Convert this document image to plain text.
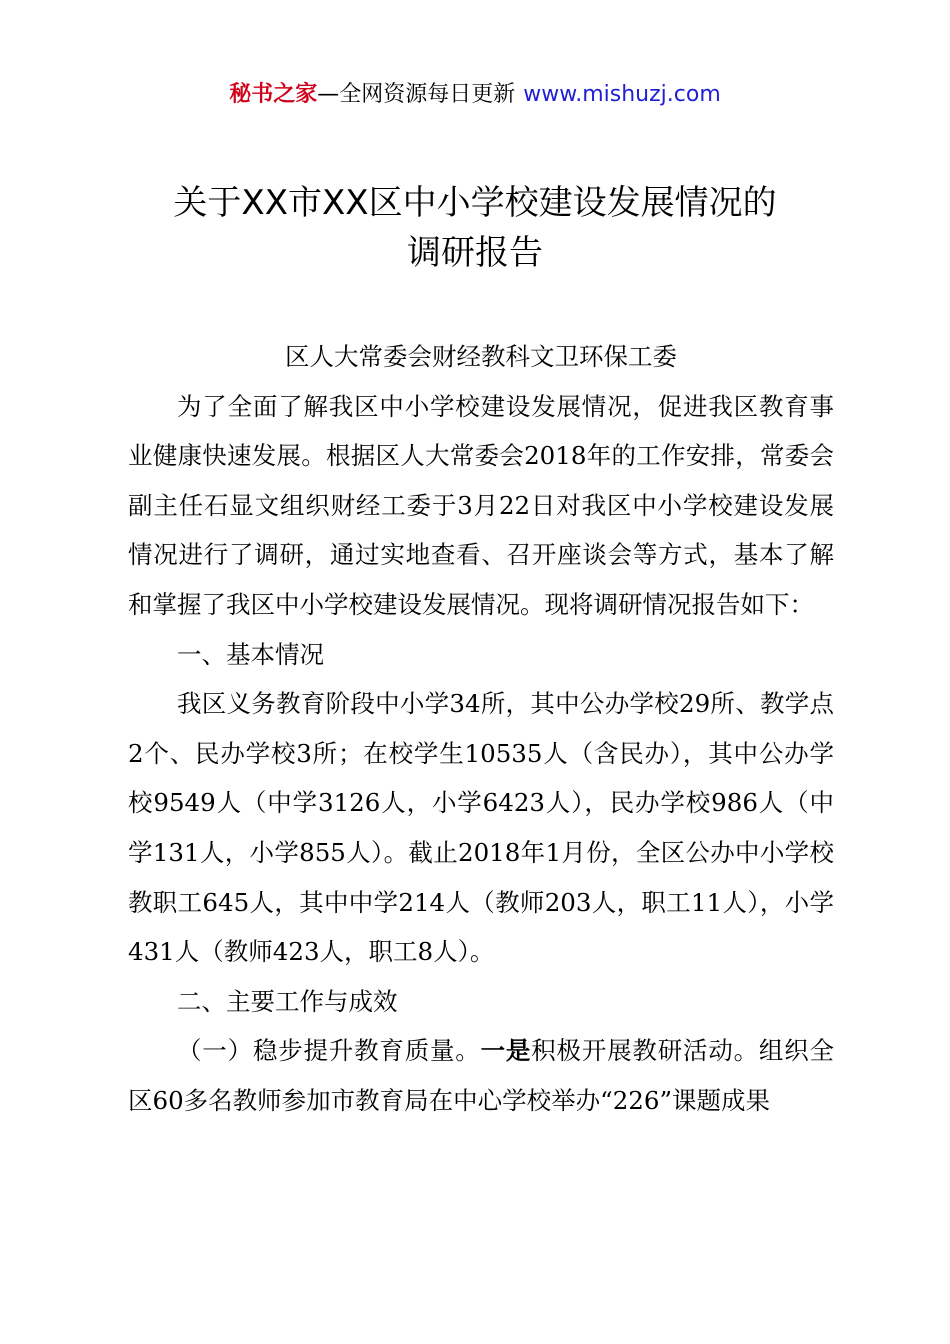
秘书之家—全网资源每日更新 www.mishuzj.com
关于XX市XX区中小学校建设发展情况的
调研报告

区人大常委会财经教科文卫环保工委

为了全面了解我区中小学校建设发展情况，促进我区教育事业健康快速发展。根据区人大常委会2018年的工作安排，常委会副主任石显文组织财经工委于3月22日对我区中小学校建设发展情况进行了调研，通过实地查看、召开座谈会等方式，基本了解和掌握了我区中小学校建设发展情况。现将调研情况报告如下：

一、基本情况

我区义务教育阶段中小学34所，其中公办学校29所、教学点2个、民办学校3所；在校学生10535人（含民办），其中公办学校9549人（中学3126人，小学6423人），民办学校986人（中学131人，小学855人）。截止2018年1月份，全区公办中小学校教职工645人，其中中学214人（教师203人，职工11人），小学431人（教师423人，职工8人）。

二、主要工作与成效

（一）稳步提升教育质量。一是积极开展教研活动。组织全区60多名教师参加市教育局在中心学校举办“226”课题成果
